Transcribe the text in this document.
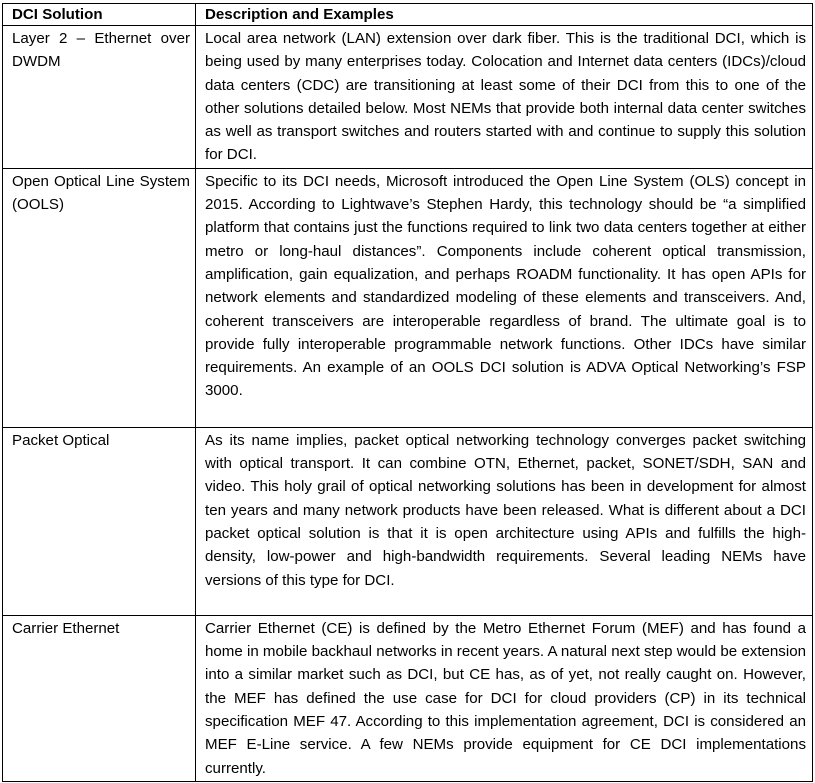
DCI Solution	Description and Examples
Layer 2 – Ethernet over DWDM	Local area network (LAN) extension over dark fiber. This is the traditional DCI, which is being used by many enterprises today. Colocation and Internet data centers (IDCs)/cloud data centers (CDC) are transitioning at least some of their DCI from this to one of the other solutions detailed below. Most NEMs that provide both internal data center switches as well as transport switches and routers started with and continue to supply this solution for DCI.
Open Optical Line System (OOLS)	Specific to its DCI needs, Microsoft introduced the Open Line System (OLS) concept in 2015. According to Lightwave’s Stephen Hardy, this technology should be “a simplified platform that contains just the functions required to link two data centers together at either metro or long-haul distances”. Components include coherent optical transmission, amplification, gain equalization, and perhaps ROADM functionality. It has open APIs for network elements and standardized modeling of these elements and transceivers. And, coherent transceivers are interoperable regardless of brand. The ultimate goal is to provide fully interoperable programmable network functions. Other IDCs have similar requirements. An example of an OOLS DCI solution is ADVA Optical Networking’s FSP 3000.
Packet Optical	As its name implies, packet optical networking technology converges packet switching with optical transport. It can combine OTN, Ethernet, packet, SONET/SDH, SAN and video. This holy grail of optical networking solutions has been in development for almost ten years and many network products have been released. What is different about a DCI packet optical solution is that it is open architecture using APIs and fulfills the high-density, low-power and high-bandwidth requirements. Several leading NEMs have versions of this type for DCI.
Carrier Ethernet	Carrier Ethernet (CE) is defined by the Metro Ethernet Forum (MEF) and has found a home in mobile backhaul networks in recent years. A natural next step would be extension into a similar market such as DCI, but CE has, as of yet, not really caught on. However, the MEF has defined the use case for DCI for cloud providers (CP) in its technical specification MEF 47. According to this implementation agreement, DCI is considered an MEF E-Line service. A few NEMs provide equipment for CE DCI implementations currently.
